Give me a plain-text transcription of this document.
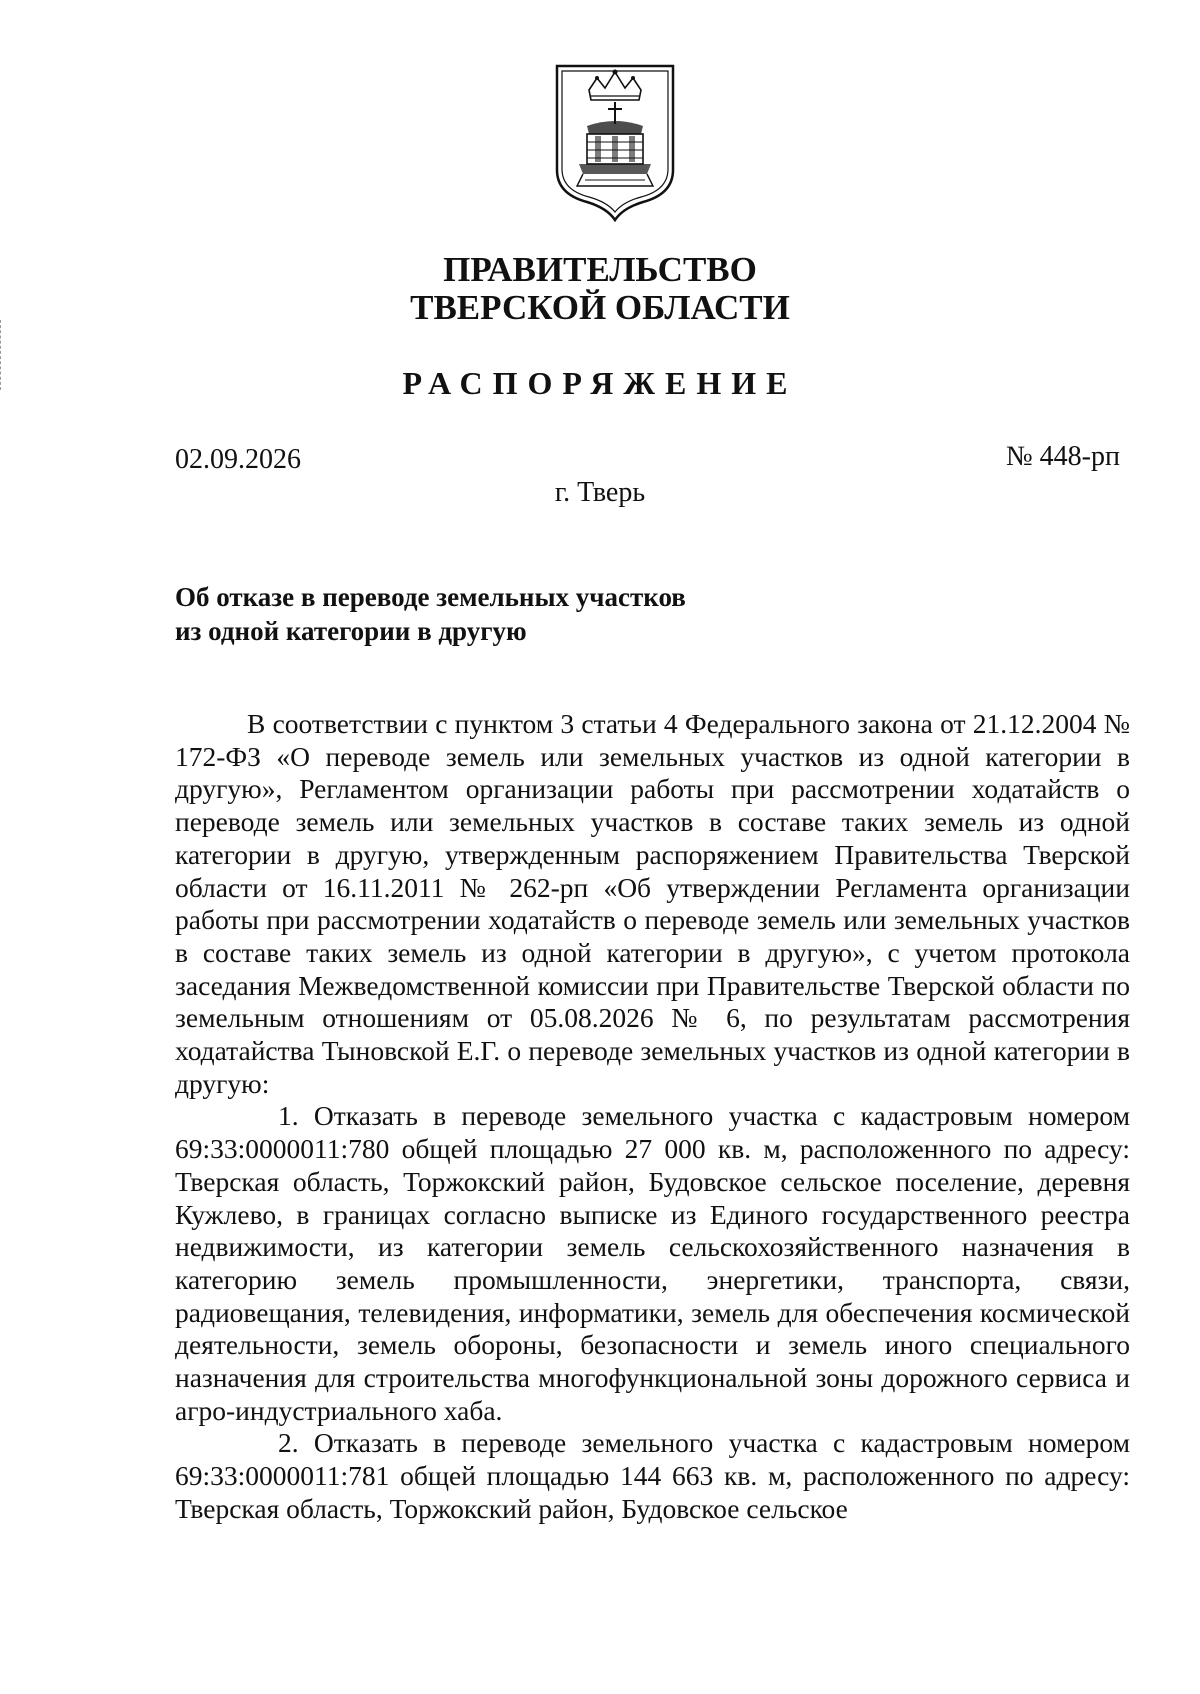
ПРАВИТЕЛЬСТВО
ТВЕРСКОЙ ОБЛАСТИ
РАСПОРЯЖЕНИЕ
02.09.2026	№ 448-рп
г. Тверь
Об отказе в переводе земельных участков
из одной категории в другую

В соответствии с пунктом 3 статьи 4 Федерального закона от 21.12.2004 № 172-ФЗ «О переводе земель или земельных участков из одной категории в другую», Регламентом организации работы при рассмотрении ходатайств о переводе земель или земельных участков в составе таких земель из одной категории в другую, утвержденным распоряжением Правительства Тверской области от 16.11.2011 № 262-рп «Об утверждении Регламента организации работы при рассмотрении ходатайств о переводе земель или земельных участков в составе таких земель из одной категории в другую», с учетом протокола заседания Межведомственной комиссии при Правительстве Тверской области по земельным отношениям от 05.08.2026 № 6, по результатам рассмотрения ходатайства Тыновской Е.Г. о переводе земельных участков из одной категории в другую:

1. Отказать в переводе земельного участка с кадастровым номером 69:33:0000011:780 общей площадью 27 000 кв. м, расположенного по адресу: Тверская область, Торжокский район, Будовское сельское поселение, деревня Кужлево, в границах согласно выписке из Единого государственного реестра недвижимости, из категории земель сельскохозяйственного назначения в категорию земель промышленности, энергетики, транспорта, связи, радиовещания, телевидения, информатики, земель для обеспечения космической деятельности, земель обороны, безопасности и земель иного специального назначения для строительства многофункциональной зоны дорожного сервиса и агро-индустриального хаба.

2. Отказать в переводе земельного участка с кадастровым номером 69:33:0000011:781 общей площадью 144 663 кв. м, расположенного по адресу: Тверская область, Торжокский район, Будовское сельское
